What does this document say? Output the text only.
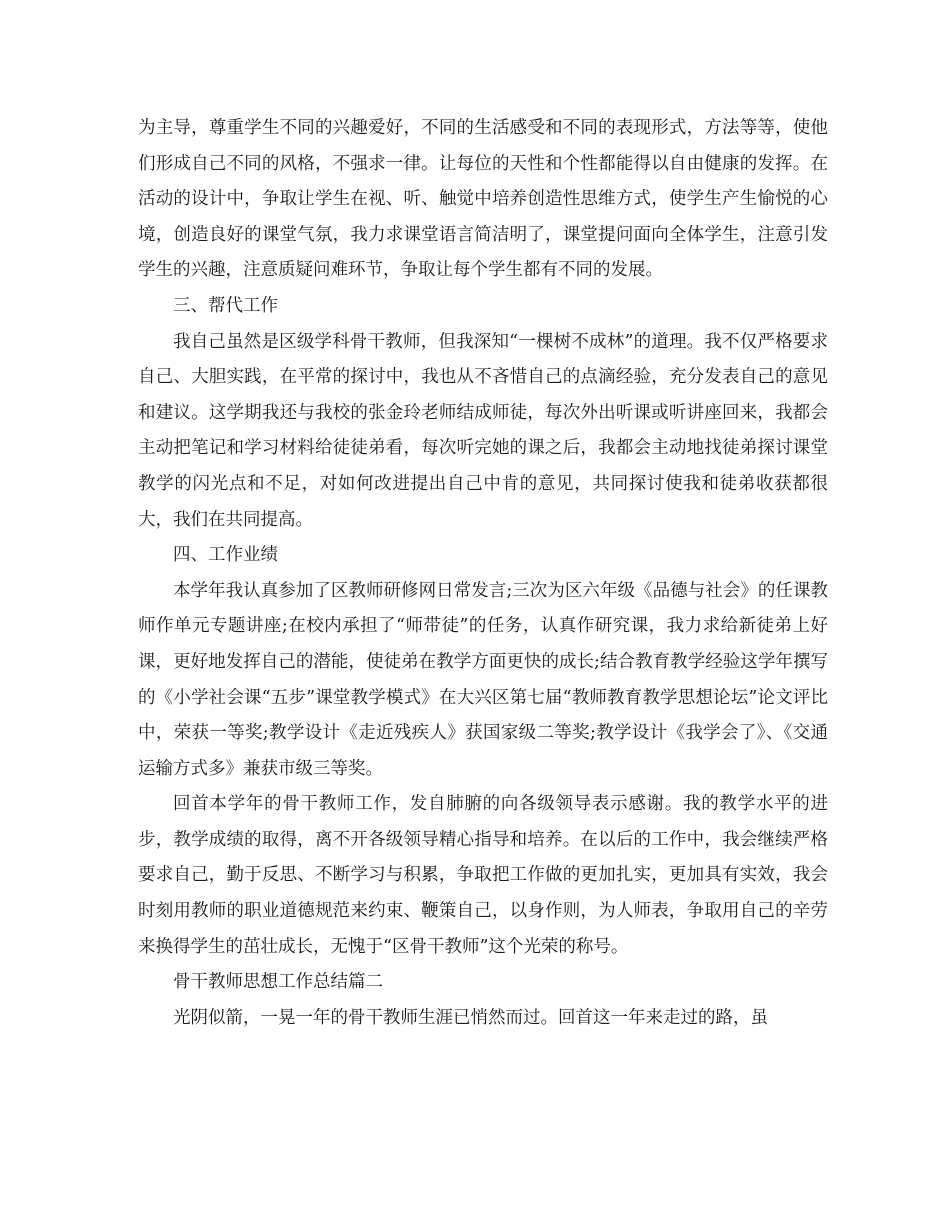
为主导，尊重学生不同的兴趣爱好，不同的生活感受和不同的表现形式，方法等等，使他们形成自己不同的风格，不强求一律。让每位的天性和个性都能得以自由健康的发挥。在活动的设计中，争取让学生在视、听、触觉中培养创造性思维方式，使学生产生愉悦的心境，创造良好的课堂气氛，我力求课堂语言简洁明了，课堂提问面向全体学生，注意引发学生的兴趣，注意质疑问难环节，争取让每个学生都有不同的发展。

三、帮代工作

我自己虽然是区级学科骨干教师，但我深知“一棵树不成林”的道理。我不仅严格要求自己、大胆实践，在平常的探讨中，我也从不吝惜自己的点滴经验，充分发表自己的意见和建议。这学期我还与我校的张金玲老师结成师徒，每次外出听课或听讲座回来，我都会主动把笔记和学习材料给徒徒弟看，每次听完她的课之后，我都会主动地找徒弟探讨课堂教学的闪光点和不足，对如何改进提出自己中肯的意见，共同探讨使我和徒弟收获都很大，我们在共同提高。

四、工作业绩

本学年我认真参加了区教师研修网日常发言;三次为区六年级《品德与社会》的任课教师作单元专题讲座;在校内承担了“师带徒”的任务，认真作研究课，我力求给新徒弟上好课，更好地发挥自己的潜能，使徒弟在教学方面更快的成长;结合教育教学经验这学年撰写的《小学社会课“五步”课堂教学模式》在大兴区第七届“教师教育教学思想论坛”论文评比中，荣获一等奖;教学设计《走近残疾人》获国家级二等奖;教学设计《我学会了》、《交通运输方式多》兼获市级三等奖。

回首本学年的骨干教师工作，发自肺腑的向各级领导表示感谢。我的教学水平的进步，教学成绩的取得，离不开各级领导精心指导和培养。在以后的工作中，我会继续严格要求自己，勤于反思、不断学习与积累，争取把工作做的更加扎实，更加具有实效，我会时刻用教师的职业道德规范来约束、鞭策自己，以身作则，为人师表，争取用自己的辛劳来换得学生的茁壮成长，无愧于“区骨干教师”这个光荣的称号。

骨干教师思想工作总结篇二

光阴似箭，一晃一年的骨干教师生涯已悄然而过。回首这一年来走过的路，虽
